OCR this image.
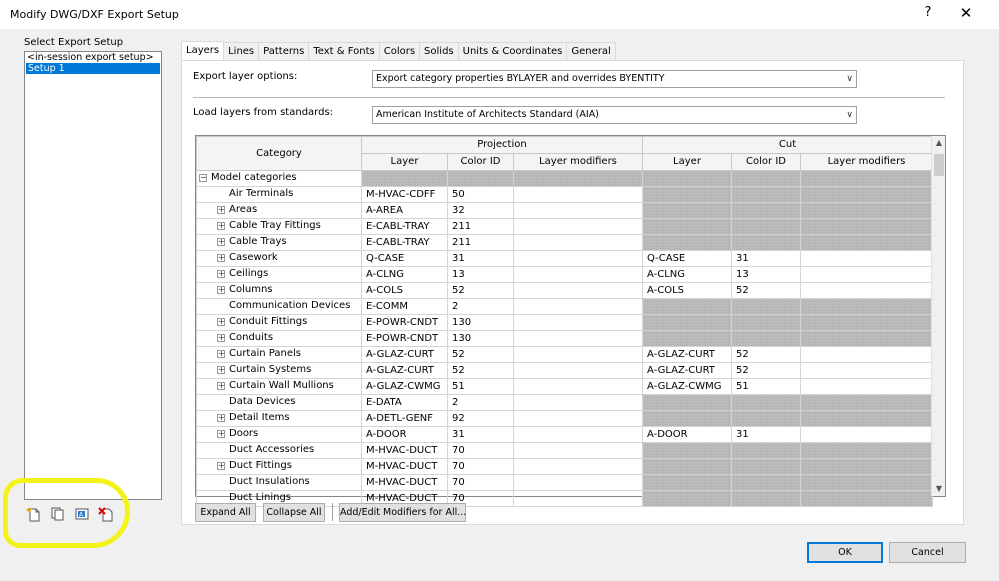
Modify DWG/DXF Export Setup	?	✕
Select Export Setup
<in-session export setup>
Setup 1
A
Layers Lines Patterns Text & Fonts Colors Solids Units & Coordinates General
Export layer options:	Export category properties BYLAYER and overrides BYENTITY	∨
Load layers from standards:	American Institute of Architects Standard (AIA)	∨
Category	Projection			Cut		
	Layer	Color ID	Layer modifiers	Layer	Color ID	Layer modifiers
− Model categories						
Air Terminals	M-HVAC-CDFF	50				
+ Areas	A-AREA	32				
+ Cable Tray Fittings	E-CABL-TRAY	211				
+ Cable Trays	E-CABL-TRAY	211				
+ Casework	Q-CASE	31		Q-CASE	31	
+ Ceilings	A-CLNG	13		A-CLNG	13	
+ Columns	A-COLS	52		A-COLS	52	
Communication Devices	E-COMM	2				
+ Conduit Fittings	E-POWR-CNDT	130				
+ Conduits	E-POWR-CNDT	130				
+ Curtain Panels	A-GLAZ-CURT	52		A-GLAZ-CURT	52	
+ Curtain Systems	A-GLAZ-CURT	52		A-GLAZ-CURT	52	
+ Curtain Wall Mullions	A-GLAZ-CWMG	51		A-GLAZ-CWMG	51	
Data Devices	E-DATA	2				
+ Detail Items	A-DETL-GENF	92				
+ Doors	A-DOOR	31		A-DOOR	31	
Duct Accessories	M-HVAC-DUCT	70				
+ Duct Fittings	M-HVAC-DUCT	70				
Duct Insulations	M-HVAC-DUCT	70				
Duct Linings	M-HVAC-DUCT	70				
▲
▼
Expand All	Collapse All	Add/Edit Modifiers for All...
OK	Cancel
